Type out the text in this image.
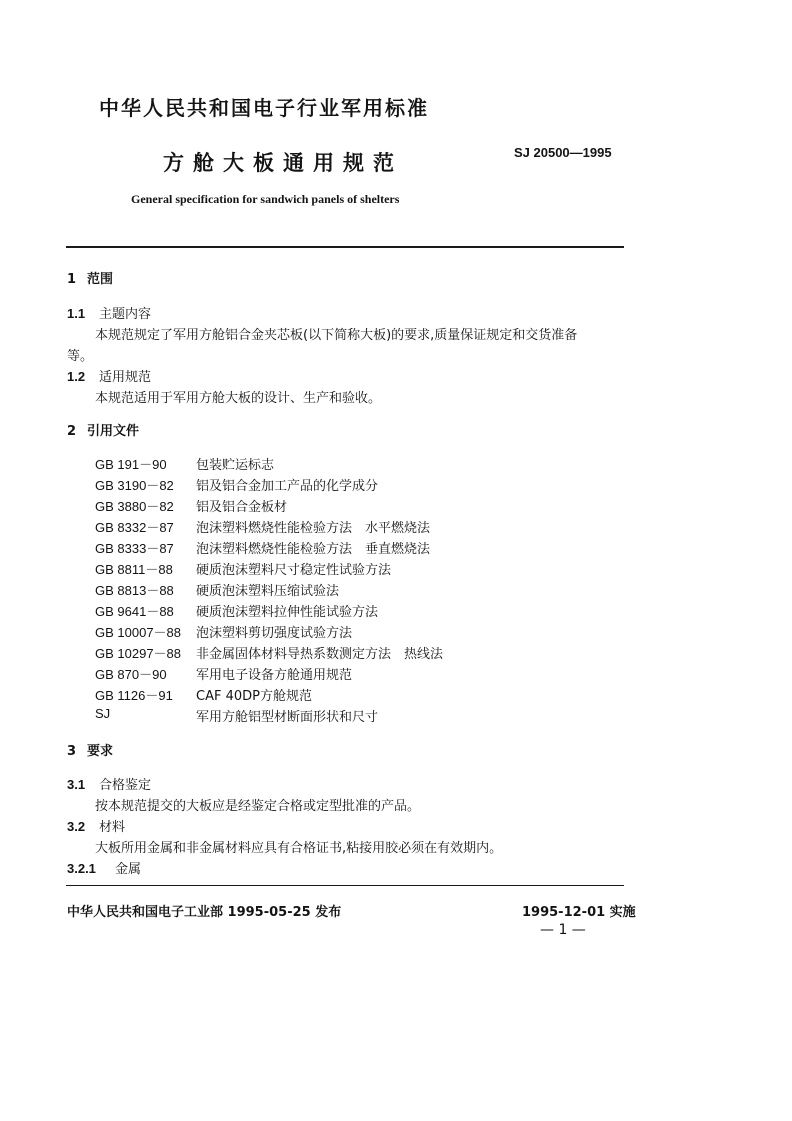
中华人民共和国电子行业军用标准
SJ 20500—1995
方舱大板通用规范
General specification for sandwich panels of shelters
1 范围
1.1 主题内容
本规范规定了军用方舱铝合金夹芯板(以下简称大板)的要求,质量保证规定和交货准备
等。
1.2 适用规范
本规范适用于军用方舱大板的设计、生产和验收。
2 引用文件
GB 191－90 包装贮运标志
GB 3190－82 铝及铝合金加工产品的化学成分
GB 3880－82 铝及铝合金板材
GB 8332－87 泡沫塑料燃烧性能检验方法　水平燃烧法
GB 8333－87 泡沫塑料燃烧性能检验方法　垂直燃烧法
GB 8811－88 硬质泡沫塑料尺寸稳定性试验方法
GB 8813－88 硬质泡沫塑料压缩试验法
GB 9641－88 硬质泡沫塑料拉伸性能试验方法
GB 10007－88 泡沫塑料剪切强度试验方法
GB 10297－88 非金属固体材料导热系数测定方法　热线法
GB 870－90 军用电子设备方舱通用规范
GB 1126－91 CAF 40DP方舱规范
SJ	军用方舱铝型材断面形状和尺寸
3 要求
3.1 合格鉴定
按本规范提交的大板应是经鉴定合格或定型批准的产品。
3.2 材料
大板所用金属和非金属材料应具有合格证书,粘接用胶必须在有效期内。
3.2.1 金属
中华人民共和国电子工业部 1995-05-25 发布	1995-12-01 实施
— 1 —
